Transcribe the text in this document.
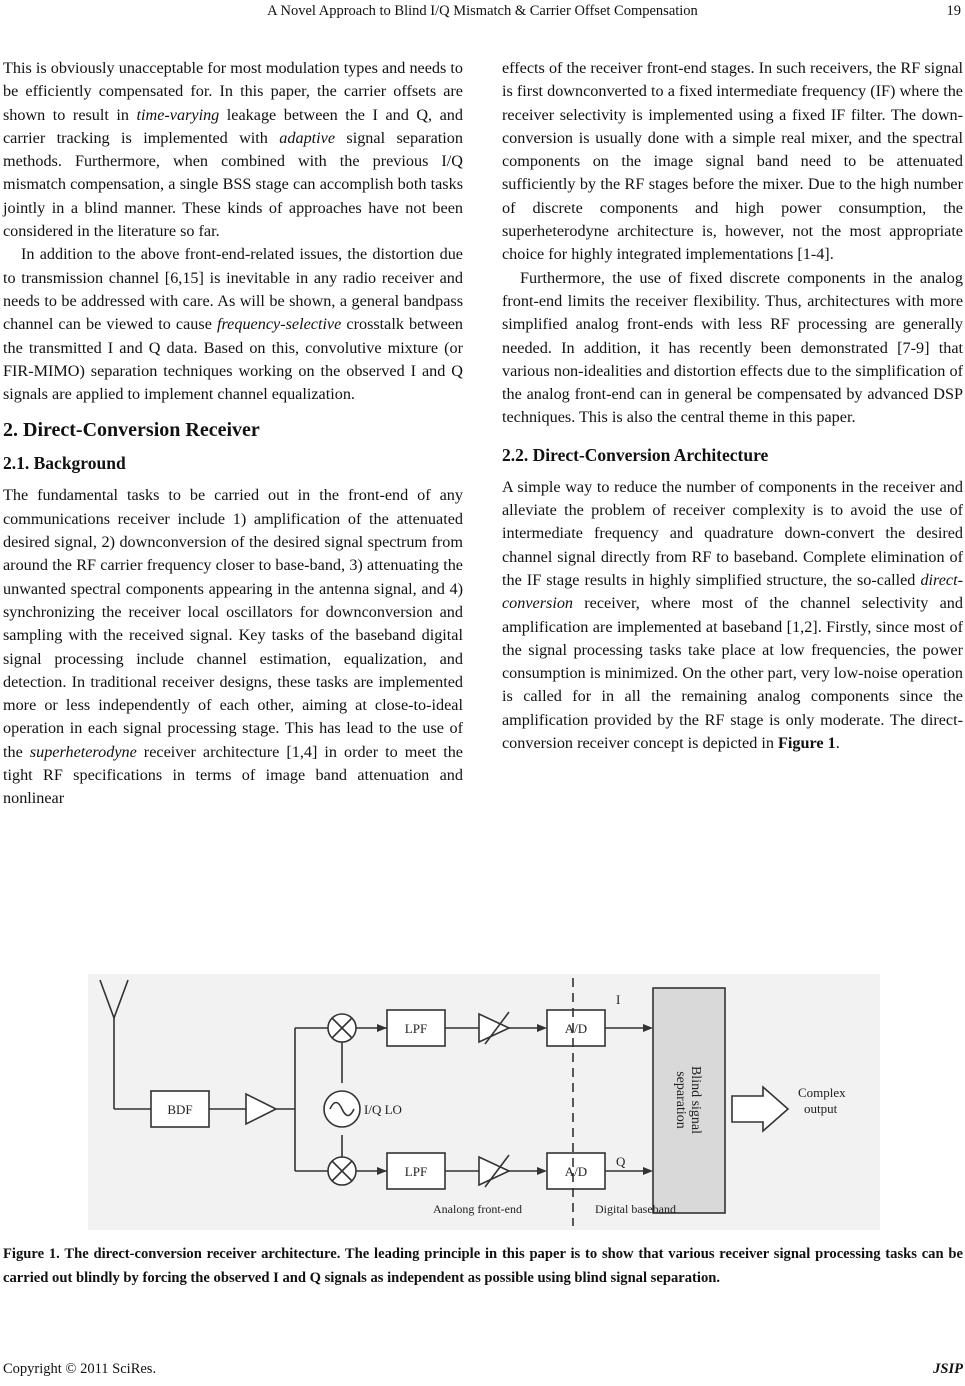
A Novel Approach to Blind I/Q Mismatch & Carrier Offset Compensation	19

This is obviously unacceptable for most modulation types and needs to be efficiently compensated for. In this paper, the carrier offsets are shown to result in time-varying leakage between the I and Q, and carrier tracking is implemented with adaptive signal separation methods. Furthermore, when combined with the previous I/Q mismatch compensation, a single BSS stage can accomplish both tasks jointly in a blind manner. These kinds of approaches have not been considered in the literature so far.

In addition to the above front-end-related issues, the distortion due to transmission channel [6,15] is inevitable in any radio receiver and needs to be addressed with care. As will be shown, a general bandpass channel can be viewed to cause frequency-selective crosstalk between the transmitted I and Q data. Based on this, convolutive mixture (or FIR-MIMO) separation techniques working on the observed I and Q signals are applied to implement channel equalization.

2. Direct-Conversion Receiver
2.1. Background

The fundamental tasks to be carried out in the front-end of any communications receiver include 1) amplification of the attenuated desired signal, 2) downconversion of the desired signal spectrum from around the RF carrier frequency closer to base-band, 3) attenuating the unwanted spectral components appearing in the antenna signal, and 4) synchronizing the receiver local oscillators for downconversion and sampling with the received signal. Key tasks of the baseband digital signal processing include channel estimation, equalization, and detection. In traditional receiver designs, these tasks are implemented more or less independently of each other, aiming at close-to-ideal operation in each signal processing stage. This has lead to the use of the superheterodyne receiver architecture [1,4] in order to meet the tight RF specifications in terms of image band attenuation and nonlinear

effects of the receiver front-end stages. In such receivers, the RF signal is first downconverted to a fixed intermediate frequency (IF) where the receiver selectivity is implemented using a fixed IF filter. The down-conversion is usually done with a simple real mixer, and the spectral components on the image signal band need to be attenuated sufficiently by the RF stages before the mixer. Due to the high number of discrete components and high power consumption, the superheterodyne architecture is, however, not the most appropriate choice for highly integrated implementations [1-4].

Furthermore, the use of fixed discrete components in the analog front-end limits the receiver flexibility. Thus, architectures with more simplified analog front-ends with less RF processing are generally needed. In addition, it has recently been demonstrated [7-9] that various non-idealities and distortion effects due to the simplification of the analog front-end can in general be compensated by advanced DSP techniques. This is also the central theme in this paper.

2.2. Direct-Conversion Architecture

A simple way to reduce the number of components in the receiver and alleviate the problem of receiver complexity is to avoid the use of intermediate frequency and quadrature down-convert the desired channel signal directly from RF to baseband. Complete elimination of the IF stage results in highly simplified structure, the so-called direct-conversion receiver, where most of the channel selectivity and amplification are implemented at baseband [1,2]. Firstly, since most of the signal processing tasks take place at low frequencies, the power consumption is minimized. On the other part, very low-noise operation is called for in all the remaining analog components since the amplification provided by the RF stage is only moderate. The direct-conversion receiver concept is depicted in Figure 1.

BDF
LPF
LPF
A/D
A/D
I/Q LO
I
Q
Complex
output
Analong front-end	Digital baseband
Blind signal
separation
Figure 1. The direct-conversion receiver architecture. The leading principle in this paper is to show that various receiver signal processing tasks can be carried out blindly by forcing the observed I and Q signals as independent as possible using blind signal separation.
Copyright © 2011 SciRes.	JSIP
